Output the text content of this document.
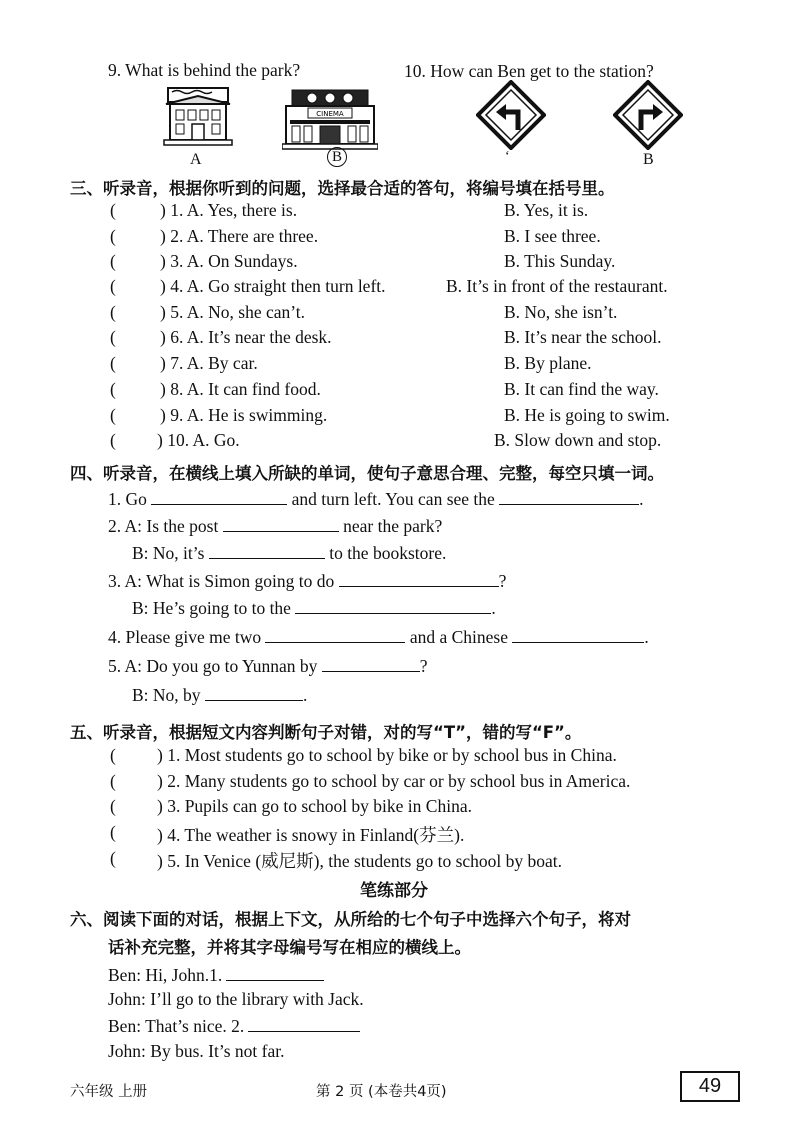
9. What is behind the park?	10. How can Ben get to the station?
A
CINEMA
B	ʻ	B
三、听录音，根据你听到的问题，选择最合适的答句，将编号填在括号里。
(	) 1. A. Yes, there is.	B. Yes, it is.
(	) 2. A. There are three.	B. I see three.
(	) 3. A. On Sundays.	B. This Sunday.
(	) 4. A. Go straight then turn left.	B. It’s in front of the restaurant.
(	) 5. A. No, she can’t.	B. No, she isn’t.
(	) 6. A. It’s near the desk.	B. It’s near the school.
(	) 7. A. By car.	B. By plane.
(	) 8. A. It can find food.	B. It can find the way.
(	) 9. A. He is swimming.	B. He is going to swim.
( ) 10. A. Go.	B. Slow down and stop.
四、听录音，在横线上填入所缺的单词，使句子意思合理、完整，每空只填一词。
1. Go	and turn left. You can see the	.
2. A: Is the post	near the park?
B: No, it’s	to the bookstore.
3. A: What is Simon going to do	?
B: He’s going to to the	.
4. Please give me two	and a Chinese	.
5. A: Do you go to Yunnan by	?
B: No, by	.
五、听录音，根据短文内容判断句子对错，对的写“T”，错的写“F”。
( ) 1. Most students go to school by bike or by school bus in China.
( ) 2. Many students go to school by car or by school bus in America.
( ) 3. Pupils can go to school by bike in China.
( ) 4. The weather is snowy in Finland(芬兰).
( ) 5. In Venice (威尼斯), the students go to school by boat.
笔练部分
六、阅读下面的对话，根据上下文，从所给的七个句子中选择六个句子，将对
话补充完整，并将其字母编号写在相应的横线上。
Ben: Hi, John.1.
John: I’ll go to the library with Jack.
Ben: That’s nice. 2.
John: By bus. It’s not far.
六年级 上册	第 2 页 (本卷共4页)	49
